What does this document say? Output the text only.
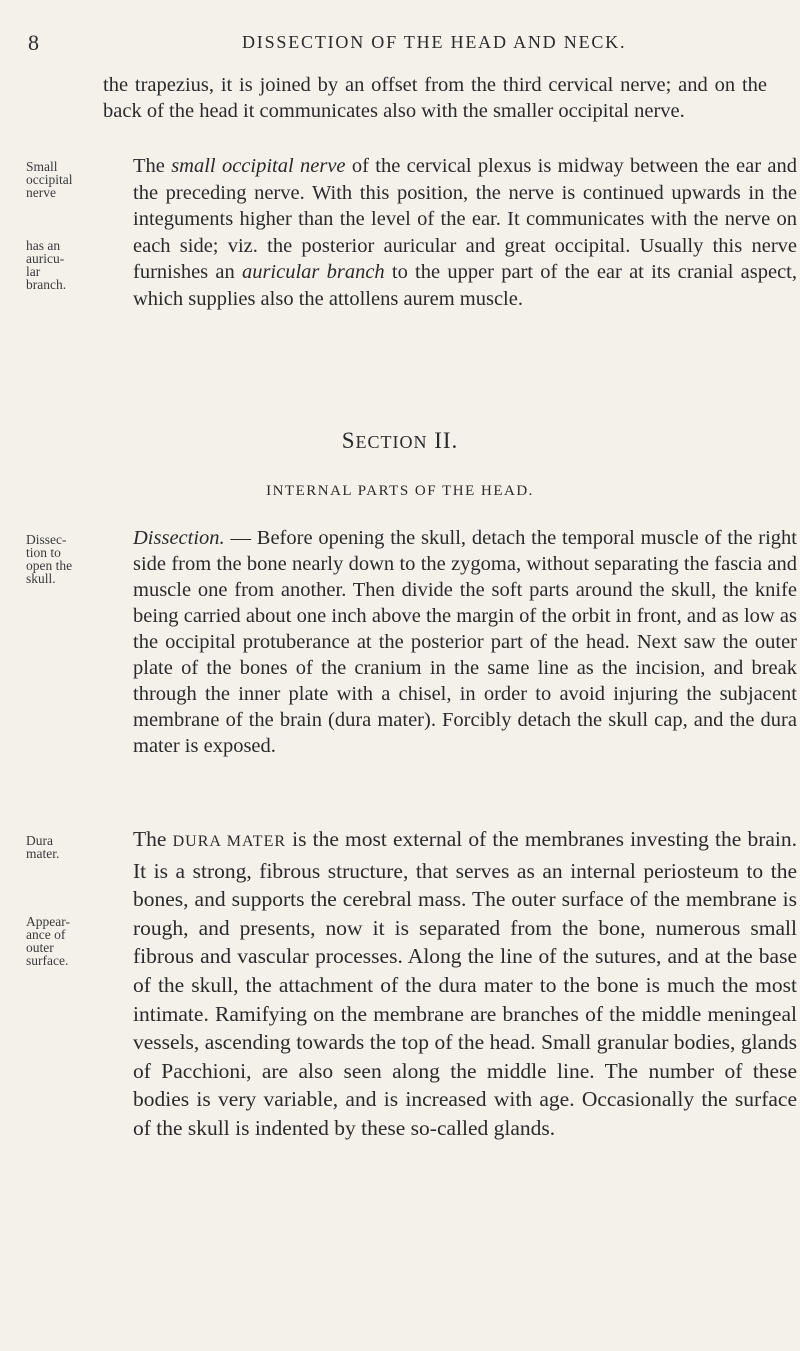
8	DISSECTION OF THE HEAD AND NECK.

the trapezius, it is joined by an offset from the third cervical nerve; and on the back of the head it communicates also with the smaller occipital nerve.

Small
occipital
nerve
has an
auricu-
lar
branch.

The small occipital nerve of the cervical plexus is midway between the ear and the preceding nerve. With this position, the nerve is continued upwards in the integuments higher than the level of the ear. It communicates with the nerve on each side; viz. the posterior auricular and great occipital. Usually this nerve furnishes an auricular branch to the upper part of the ear at its cranial aspect, which supplies also the attollens aurem muscle.

SECTION II.
INTERNAL PARTS OF THE HEAD.
Dissec-
tion to
open the
skull.

Dissection. — Before opening the skull, detach the temporal muscle of the right side from the bone nearly down to the zygoma, without separating the fascia and muscle one from another. Then divide the soft parts around the skull, the knife being carried about one inch above the margin of the orbit in front, and as low as the occipital protuberance at the posterior part of the head. Next saw the outer plate of the bones of the cranium in the same line as the incision, and break through the inner plate with a chisel, in order to avoid injuring the subjacent membrane of the brain (dura mater). Forcibly detach the skull cap, and the dura mater is exposed.

Dura
mater.
Appear-
ance of
outer
surface.

The DURA MATER is the most external of the membranes investing the brain. It is a strong, fibrous structure, that serves as an internal periosteum to the bones, and supports the cerebral mass. The outer surface of the membrane is rough, and presents, now it is separated from the bone, numerous small fibrous and vascular processes. Along the line of the sutures, and at the base of the skull, the attachment of the dura mater to the bone is much the most intimate. Ramifying on the membrane are branches of the middle meningeal vessels, ascending towards the top of the head. Small granular bodies, glands of Pacchioni, are also seen along the middle line. The number of these bodies is very variable, and is increased with age. Occasionally the surface of the skull is indented by these so-called glands.
